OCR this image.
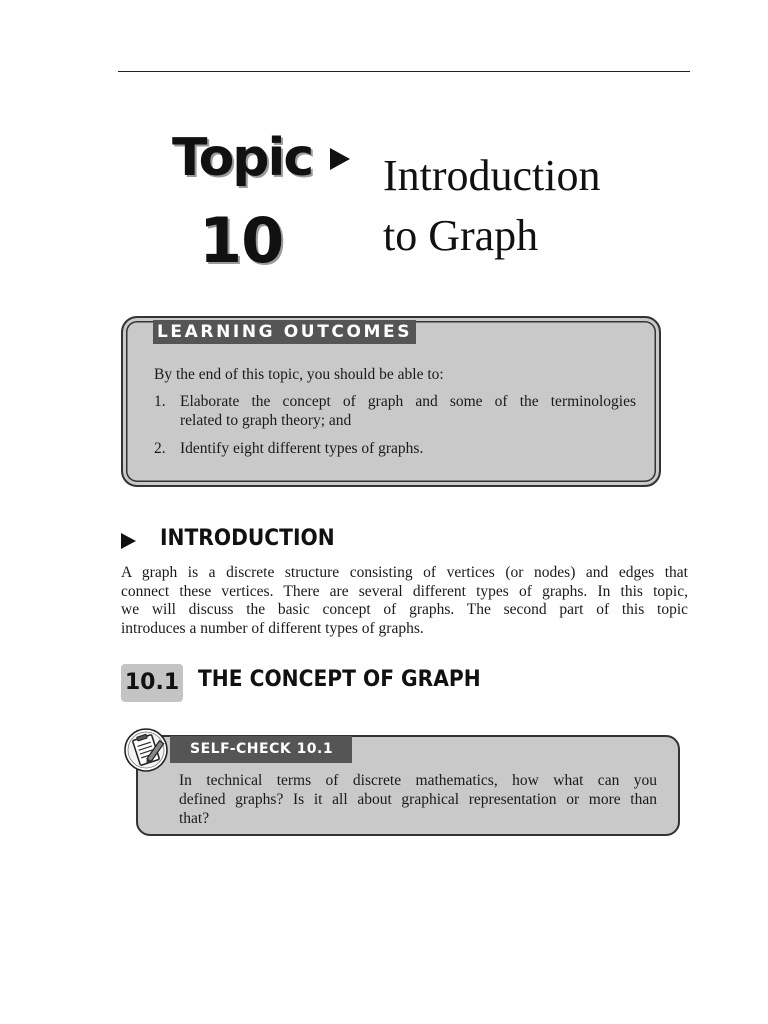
Topic
10
Introduction
to Graph
LEARNING OUTCOMES
By the end of this topic, you should be able to:
1. Elaborate the concept of graph and some of the terminologies
related to graph theory; and
2. Identify eight different types of graphs.
INTRODUCTION
A graph is a discrete structure consisting of vertices (or nodes) and edges that
connect these vertices. There are several different types of graphs. In this topic,
we will discuss the basic concept of graphs. The second part of this topic
introduces a number of different types of graphs.
10.1 THE CONCEPT OF GRAPH
SELF-CHECK 10.1
In technical terms of discrete mathematics, how what can you
defined graphs? Is it all about graphical representation or more than
that?
